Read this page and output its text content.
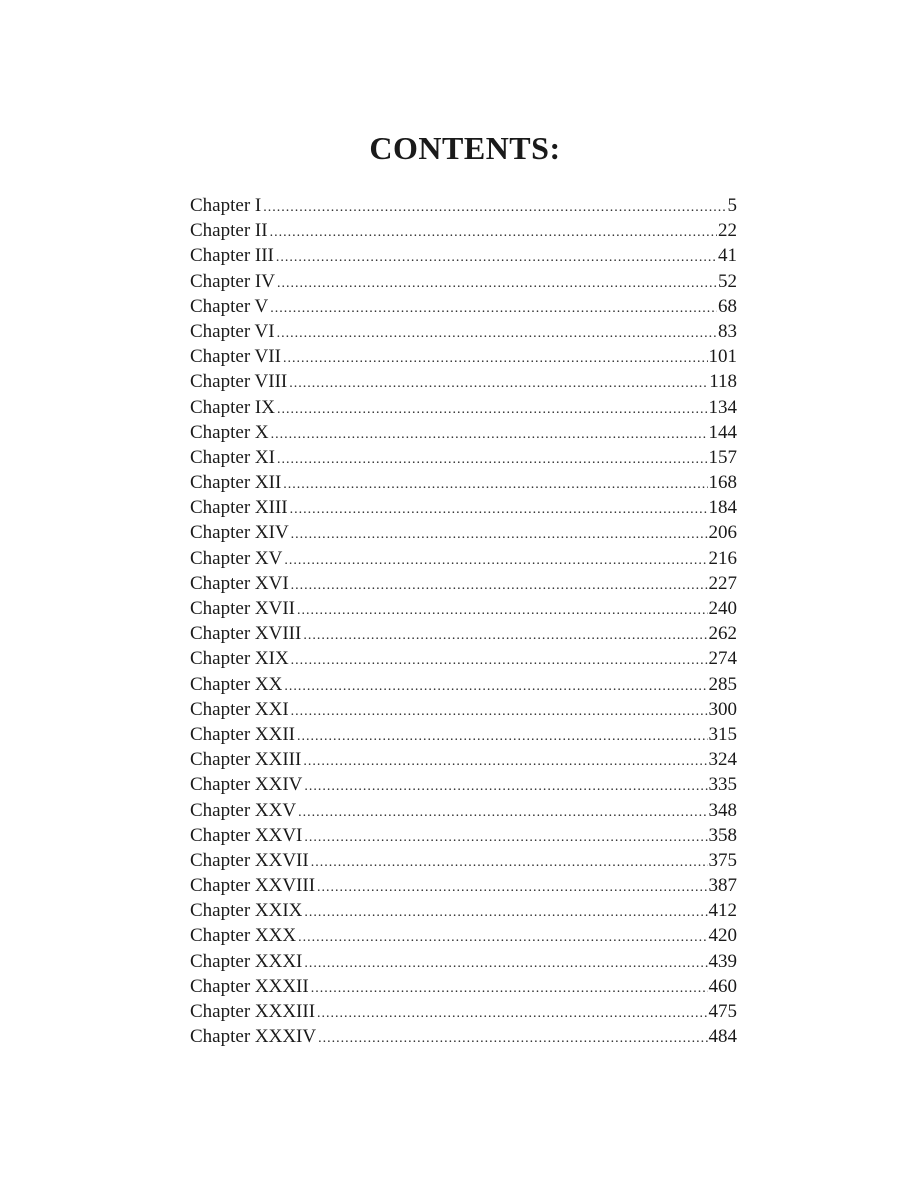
CONTENTS:
Chapter I .....	5
Chapter II .....	22
Chapter III .....	41
Chapter IV .....	52
Chapter V .....	68
Chapter VI .....	83
Chapter VII .....	101
Chapter VIII .....	118
Chapter IX .....	134
Chapter X .....	144
Chapter XI .....	157
Chapter XII .....	168
Chapter XIII .....	184
Chapter XIV .....	206
Chapter XV .....	216
Chapter XVI .....	227
Chapter XVII .....	240
Chapter XVIII .....	262
Chapter XIX .....	274
Chapter XX .....	285
Chapter XXI .....	300
Chapter XXII .....	315
Chapter XXIII .....	324
Chapter XXIV .....	335
Chapter XXV .....	348
Chapter XXVI .....	358
Chapter XXVII .....	375
Chapter XXVIII .....	387
Chapter XXIX .....	412
Chapter XXX .....	420
Chapter XXXI .....	439
Chapter XXXII .....	460
Chapter XXXIII .....	475
Chapter XXXIV .....	484
